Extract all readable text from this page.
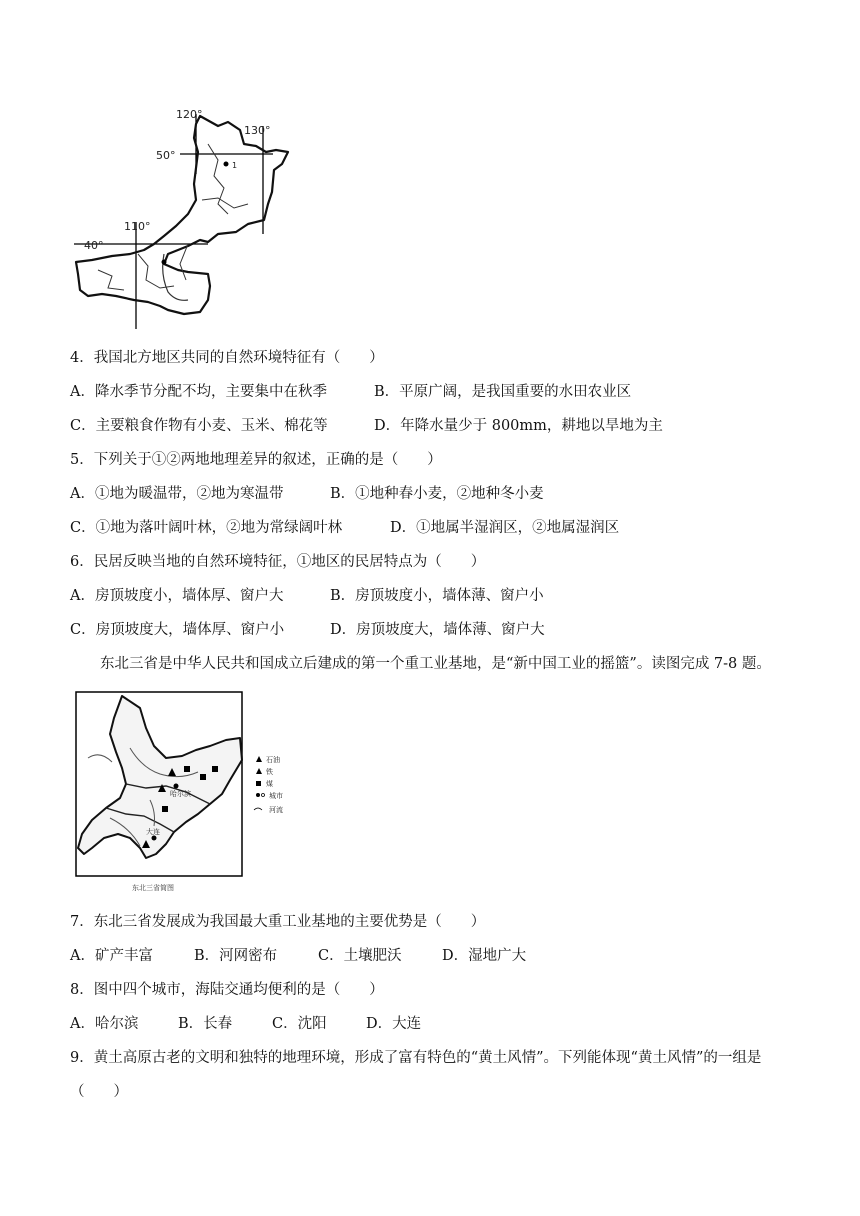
1
120°
130°
110°
50°
40°
4．我国北方地区共同的自然环境特征有（　　）
A．降水季节分配不均，主要集中在秋季	B．平原广阔，是我国重要的水田农业区
C．主要粮食作物有小麦、玉米、棉花等	D．年降水量少于 800mm，耕地以旱地为主
5．下列关于①②两地地理差异的叙述，正确的是（　　）
A．①地为暖温带，②地为寒温带	B．①地种春小麦，②地种冬小麦
C．①地为落叶阔叶林，②地为常绿阔叶林	D．①地属半湿润区，②地属湿润区
6．民居反映当地的自然环境特征，①地区的民居特点为（　　）
A．房顶坡度小，墙体厚、窗户大	B．房顶坡度小，墙体薄、窗户小
C．房顶坡度大，墙体厚、窗户小	D．房顶坡度大，墙体薄、窗户大
东北三省是中华人民共和国成立后建成的第一个重工业基地，是“新中国工业的摇篮”。读图完成 7-8 题。
哈尔滨
大连
石油
铁
煤
城市
河流
东北三省简图
7．东北三省发展成为我国最大重工业基地的主要优势是（　　）
A．矿产丰富	B．河网密布	C．土壤肥沃	D．湿地广大
8．图中四个城市，海陆交通均便利的是（　　）
A．哈尔滨	B．长春	C．沈阳	D．大连
9．黄土高原古老的文明和独特的地理环境，形成了富有特色的“黄土风情”。下列能体现“黄土风情”的一组是
（　　）
